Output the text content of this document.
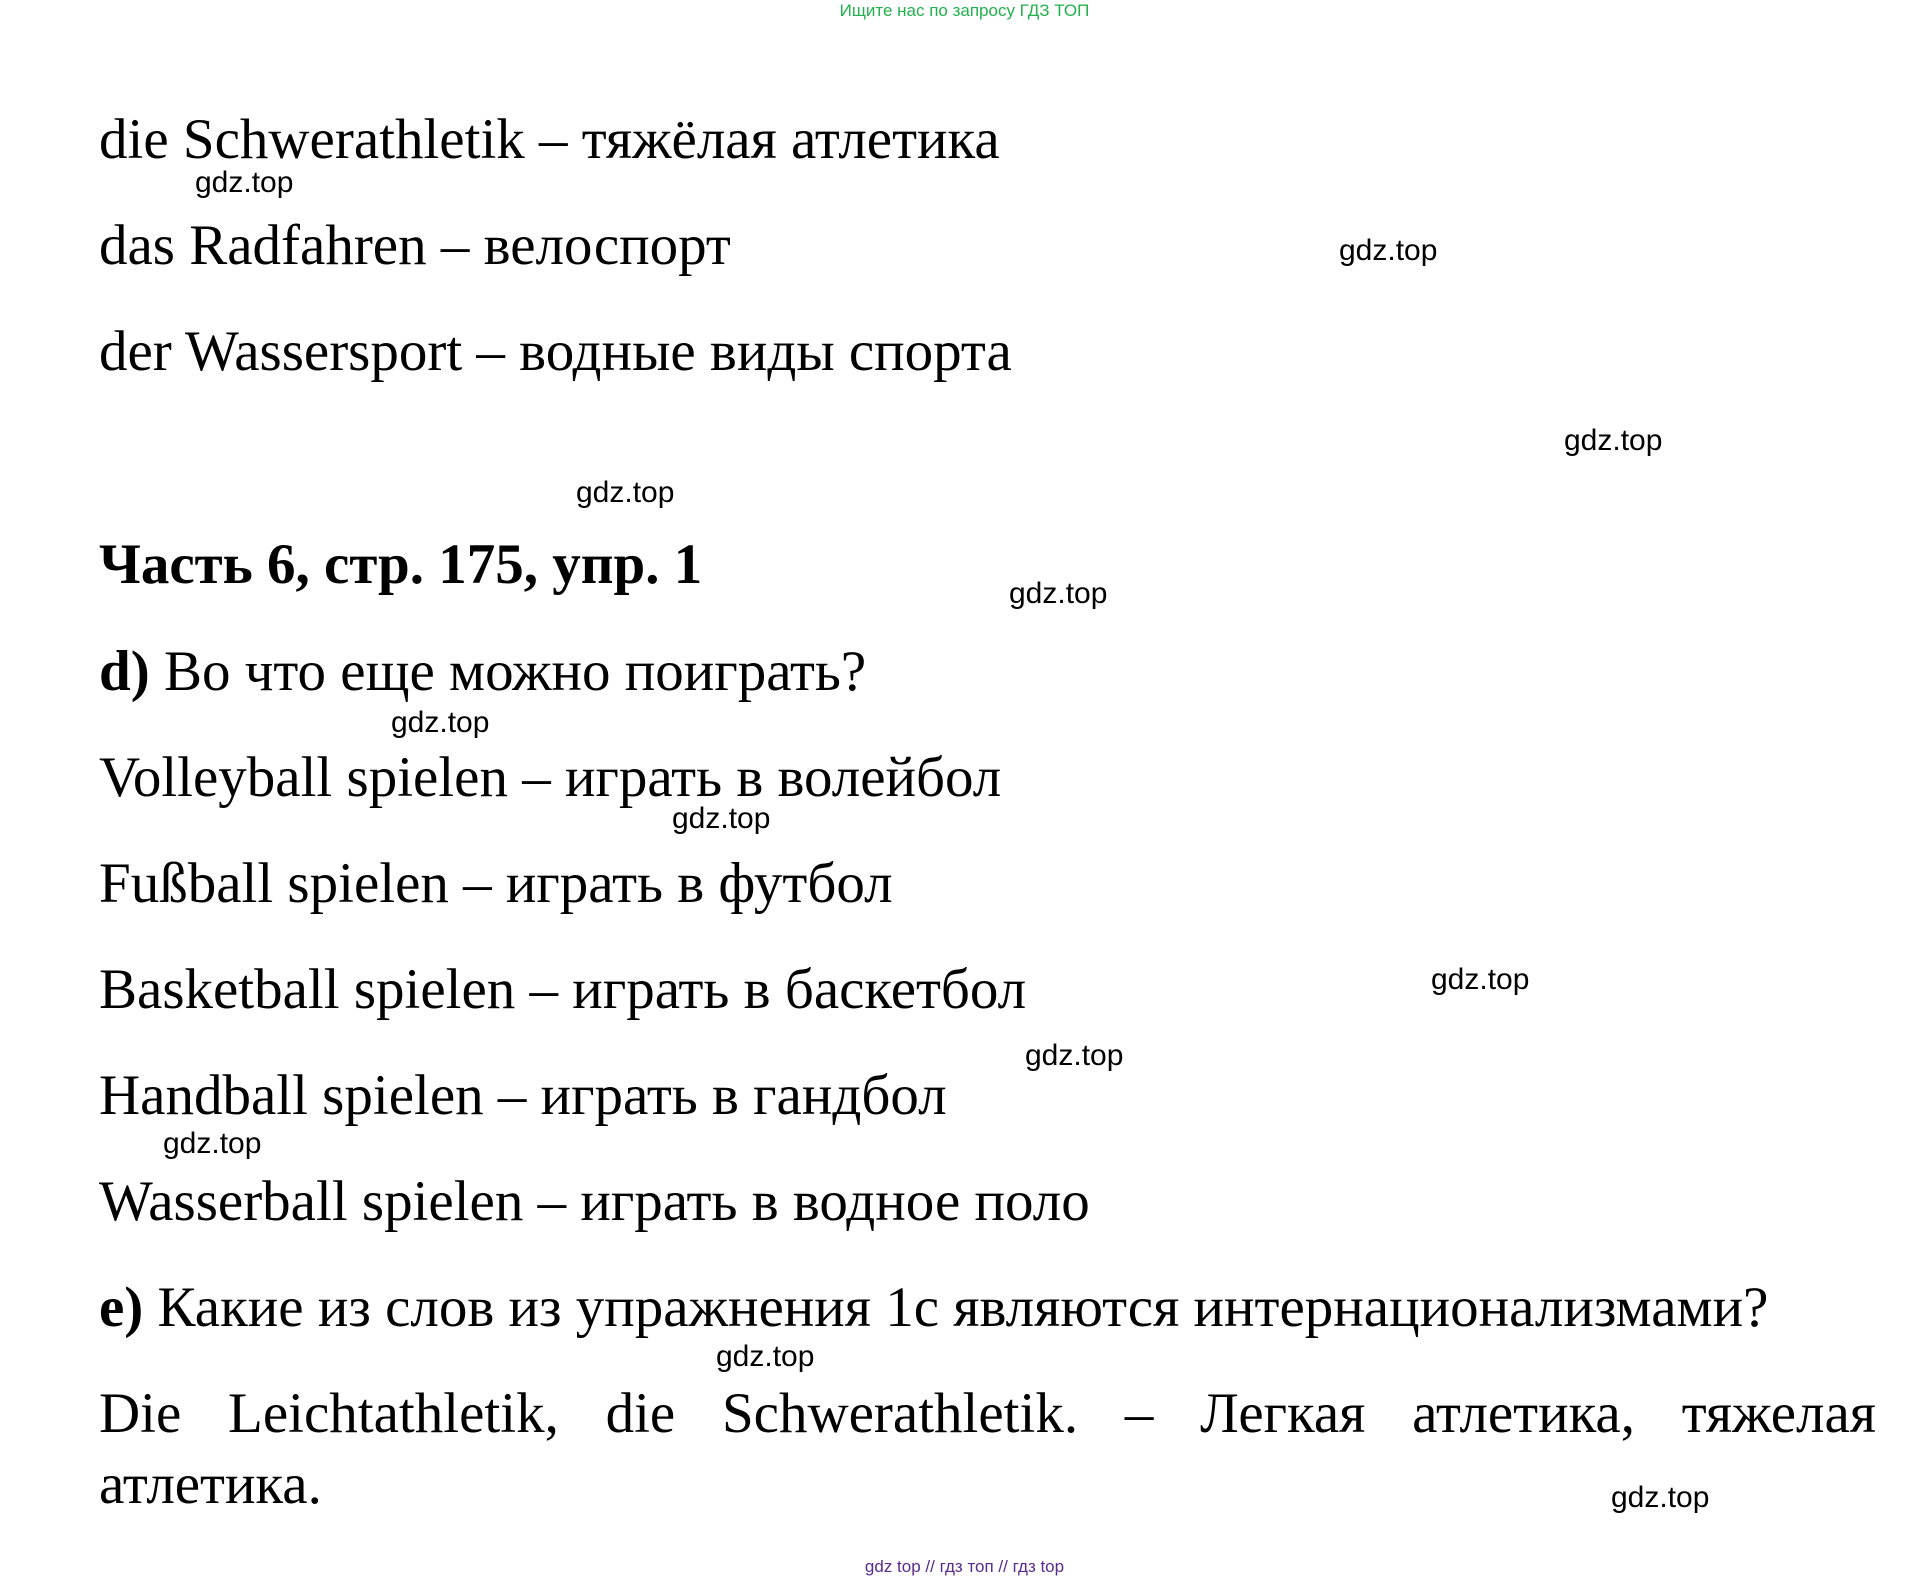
Ищите нас по запросу ГДЗ ТОП
die Schwerathletik – тяжёлая атлетика
das Radfahren – велоспорт
der Wassersport – водные виды спорта
Часть 6, стр. 175, упр. 1
d) Во что еще можно поиграть?
Volleyball spielen – играть в волейбол
Fußball spielen – играть в футбол
Basketball spielen – играть в баскетбол
Handball spielen – играть в гандбол
Wasserball spielen – играть в водное поло
e) Какие из слов из упражнения 1с являются интернационализмами?
Die Leichtathletik, die Schwerathletik. – Легкая атлетика, тяжелая атлетика.
gdz.top
gdz.top
gdz.top
gdz.top
gdz.top
gdz.top
gdz.top
gdz.top
gdz.top
gdz.top
gdz.top
gdz.top
gdz top // гдз топ // гдз top
